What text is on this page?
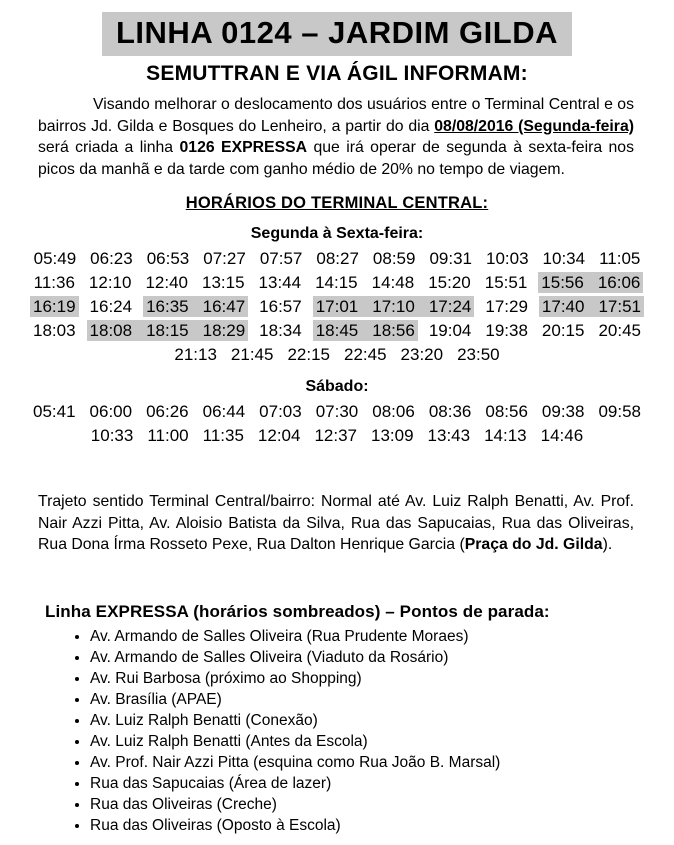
LINHA 0124 – JARDIM GILDA
SEMUTTRAN E VIA ÁGIL INFORMAM:

Visando melhorar o deslocamento dos usuários entre o Terminal Central e os bairros Jd. Gilda e Bosques do Lenheiro, a partir do dia 08/08/2016 (Segunda-feira) será criada a linha 0126 EXPRESSA que irá operar de segunda à sexta-feira nos picos da manhã e da tarde com ganho médio de 20% no tempo de viagem.

HORÁRIOS DO TERMINAL CENTRAL:
Segunda à Sexta-feira:
05:49 06:23 06:53 07:27 07:57 08:27 08:59 09:31 10:03 10:34 11:05
11:36 12:10 12:40 13:15 13:44 14:15 14:48 15:20 15:51 15:56 16:06
16:19 16:24 16:35 16:47 16:57 17:01 17:10 17:24 17:29 17:40 17:51
18:03 18:08 18:15 18:29 18:34 18:45 18:56 19:04 19:38 20:15 20:45
21:13 21:45 22:15 22:45 23:20 23:50
Sábado:
05:41 06:00 06:26 06:44 07:03 07:30 08:06 08:36 08:56 09:38 09:58
10:33 11:00 11:35 12:04 12:37 13:09 13:43 14:13 14:46

Trajeto sentido Terminal Central/bairro: Normal até Av. Luiz Ralph Benatti, Av. Prof. Nair Azzi Pitta, Av. Aloisio Batista da Silva, Rua das Sapucaias, Rua das Oliveiras, Rua Dona Írma Rosseto Pexe, Rua Dalton Henrique Garcia (Praça do Jd. Gilda).

Linha EXPRESSA (horários sombreados) – Pontos de parada:
• Av. Armando de Salles Oliveira (Rua Prudente Moraes)
• Av. Armando de Salles Oliveira (Viaduto da Rosário)
• Av. Rui Barbosa (próximo ao Shopping)
• Av. Brasília (APAE)
• Av. Luiz Ralph Benatti (Conexão)
• Av. Luiz Ralph Benatti (Antes da Escola)
• Av. Prof. Nair Azzi Pitta (esquina como Rua João B. Marsal)
• Rua das Sapucaias (Área de lazer)
• Rua das Oliveiras (Creche)
• Rua das Oliveiras (Oposto à Escola)
